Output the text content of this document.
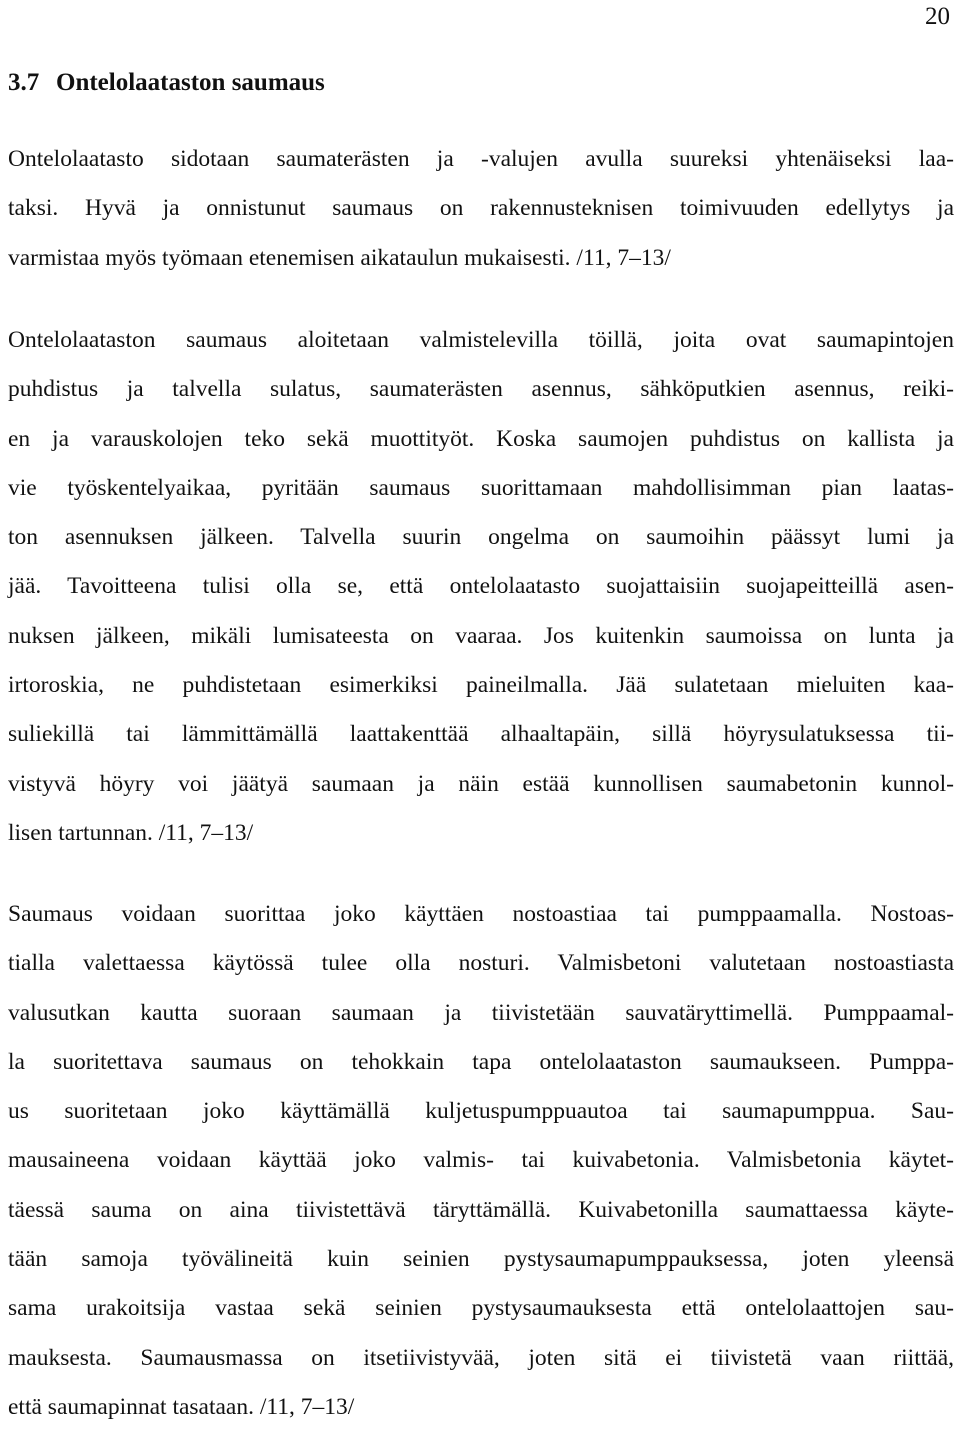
20
3.7 Ontelolaataston saumaus

Ontelolaatasto sidotaan saumaterästen ja -valujen avulla suureksi yhtenäiseksi laa-
taksi. Hyvä ja onnistunut saumaus on rakennusteknisen toimivuuden edellytys ja
varmistaa myös työmaan etenemisen aikataulun mukaisesti. /11, 7–13/

Ontelolaataston saumaus aloitetaan valmistelevilla töillä, joita ovat saumapintojen
puhdistus ja talvella sulatus, saumaterästen asennus, sähköputkien asennus, reiki-
en ja varauskolojen teko sekä muottityöt. Koska saumojen puhdistus on kallista ja
vie työskentelyaikaa, pyritään saumaus suorittamaan mahdollisimman pian laatas-
ton asennuksen jälkeen. Talvella suurin ongelma on saumoihin päässyt lumi ja
jää. Tavoitteena tulisi olla se, että ontelolaatasto suojattaisiin suojapeitteillä asen-
nuksen jälkeen, mikäli lumisateesta on vaaraa. Jos kuitenkin saumoissa on lunta ja
irtoroskia, ne puhdistetaan esimerkiksi paineilmalla. Jää sulatetaan mieluiten kaa-
suliekillä tai lämmittämällä laattakenttää alhaaltapäin, sillä höyrysulatuksessa tii-
vistyvä höyry voi jäätyä saumaan ja näin estää kunnollisen saumabetonin kunnol-
lisen tartunnan. /11, 7–13/

Saumaus voidaan suorittaa joko käyttäen nostoastiaa tai pumppaamalla. Nostoas-
tialla valettaessa käytössä tulee olla nosturi. Valmisbetoni valutetaan nostoastiasta
valusutkan kautta suoraan saumaan ja tiivistetään sauvatäryttimellä. Pumppaamal-
la suoritettava saumaus on tehokkain tapa ontelolaataston saumaukseen. Pumppa-
us suoritetaan joko käyttämällä kuljetuspumppuautoa tai saumapumppua. Sau-
mausaineena voidaan käyttää joko valmis- tai kuivabetonia. Valmisbetonia käytet-
täessä sauma on aina tiivistettävä täryttämällä. Kuivabetonilla saumattaessa käyte-
tään samoja työvälineitä kuin seinien pystysaumapumppauksessa, joten yleensä
sama urakoitsija vastaa sekä seinien pystysaumauksesta että ontelolaattojen sau-
mauksesta. Saumausmassa on itsetiivistyvää, joten sitä ei tiivistetä vaan riittää,
että saumapinnat tasataan. /11, 7–13/
